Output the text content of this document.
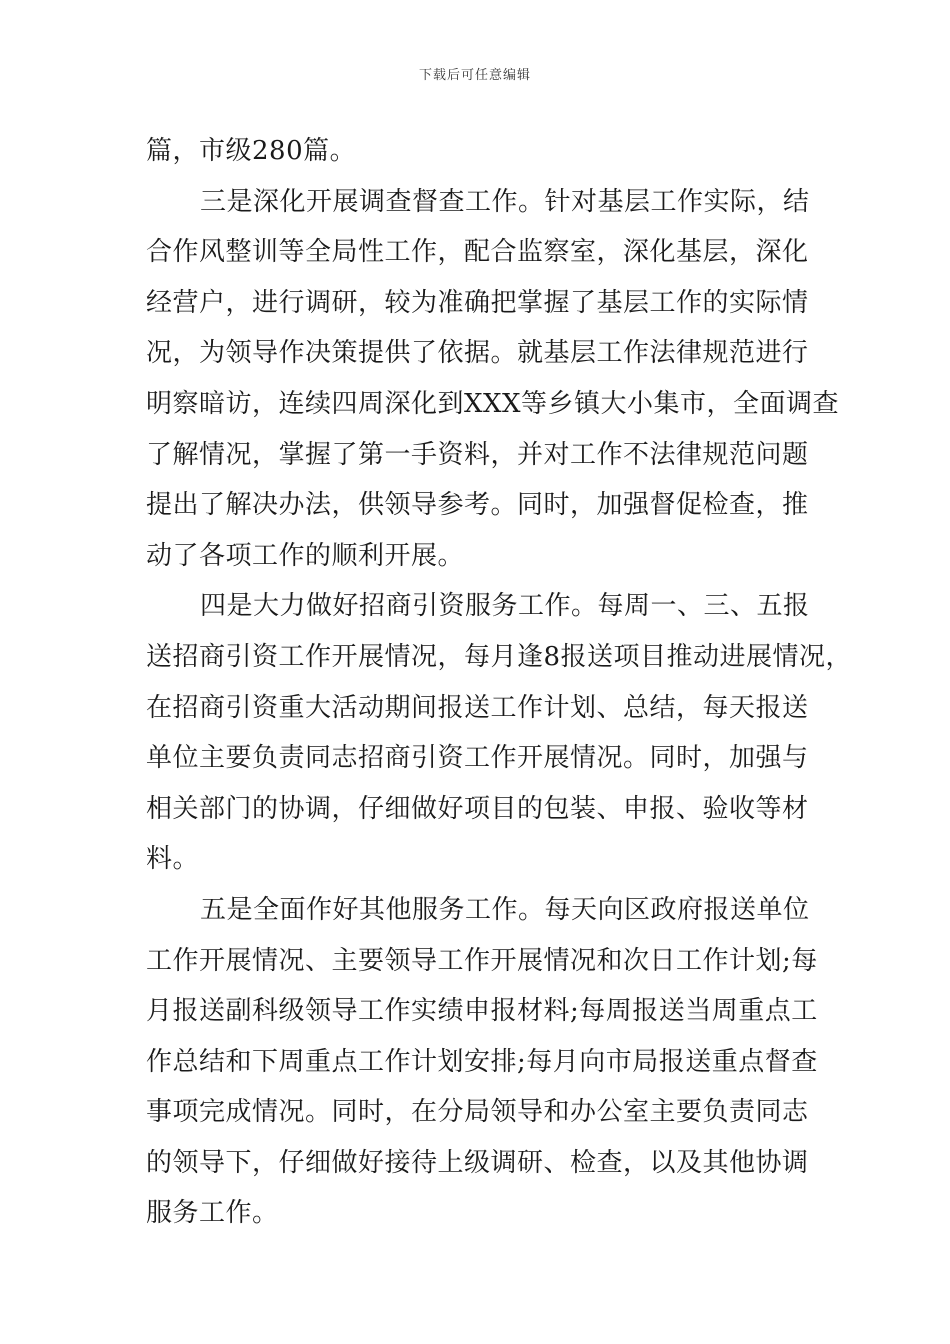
下载后可任意编辑
篇，市级280篇。
三是深化开展调查督查工作。针对基层工作实际，结
合作风整训等全局性工作，配合监察室，深化基层，深化
经营户，进行调研，较为准确把掌握了基层工作的实际情
况，为领导作决策提供了依据。就基层工作法律规范进行
明察暗访，连续四周深化到XXX等乡镇大小集市，全面调查
了解情况，掌握了第一手资料，并对工作不法律规范问题
提出了解决办法，供领导参考。同时，加强督促检查，推
动了各项工作的顺利开展。
四是大力做好招商引资服务工作。每周一、三、五报
送招商引资工作开展情况，每月逢8报送项目推动进展情况，
在招商引资重大活动期间报送工作计划、总结，每天报送
单位主要负责同志招商引资工作开展情况。同时，加强与
相关部门的协调，仔细做好项目的包装、申报、验收等材
料。
五是全面作好其他服务工作。每天向区政府报送单位
工作开展情况、主要领导工作开展情况和次日工作计划;每
月报送副科级领导工作实绩申报材料;每周报送当周重点工
作总结和下周重点工作计划安排;每月向市局报送重点督查
事项完成情况。同时，在分局领导和办公室主要负责同志
的领导下，仔细做好接待上级调研、检查，以及其他协调
服务工作。
